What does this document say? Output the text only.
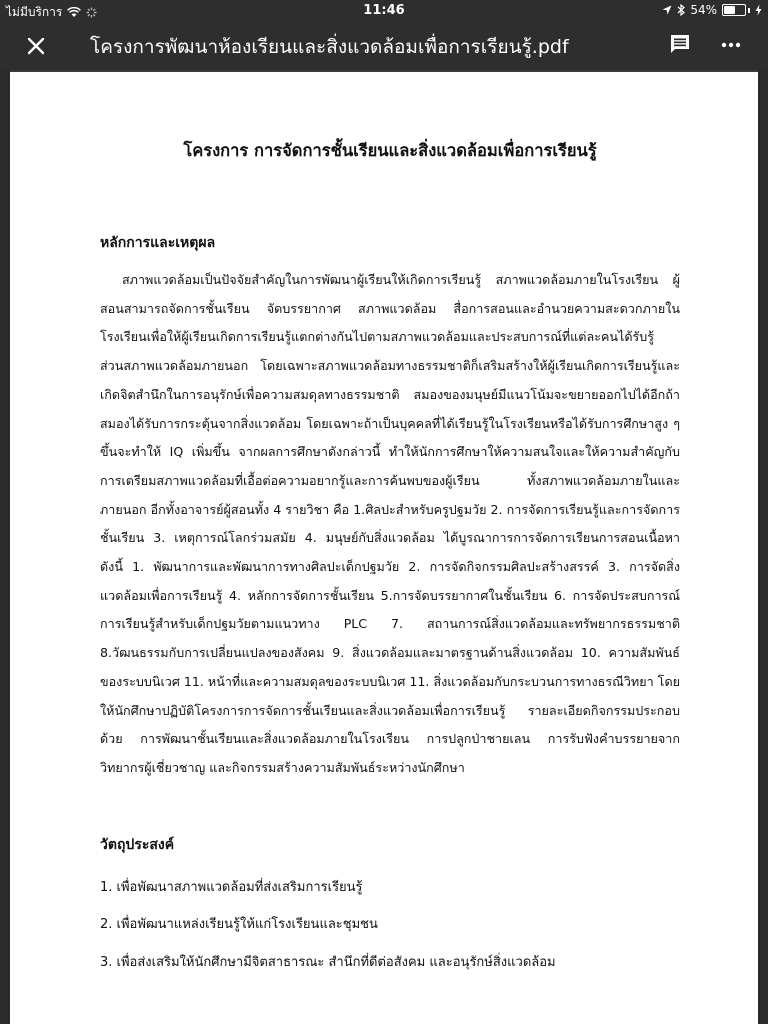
ไม่มีบริการ	11:46	54%
โครงการพัฒนาห้องเรียนและสิ่งแวดล้อมเพื่อการเรียนรู้.pdf
โครงการ การจัดการชั้นเรียนและสิ่งแวดล้อมเพื่อการเรียนรู้
หลักการและเหตุผล
สภาพแวดล้อมเป็นปัจจัยสำคัญในการพัฒนาผู้เรียนให้เกิดการเรียนรู้ สภาพแวดล้อมภายในโรงเรียน ผู้สอนสามารถจัดการชั้นเรียน จัดบรรยากาศ สภาพแวดล้อม สื่อการสอนและอำนวยความสะดวกภายในโรงเรียนเพื่อให้ผู้เรียนเกิดการเรียนรู้แตกต่างกันไปตามสภาพแวดล้อมและประสบการณ์ที่แต่ละคนได้รับรู้ ส่วนสภาพแวดล้อมภายนอก โดยเฉพาะสภาพแวดล้อมทางธรรมชาติก็เสริมสร้างให้ผู้เรียนเกิดการเรียนรู้และเกิดจิตสำนึกในการอนุรักษ์เพื่อความสมดุลทางธรรมชาติ สมองของมนุษย์มีแนวโน้มจะขยายออกไปได้อีกถ้าสมองได้รับการกระตุ้นจากสิ่งแวดล้อม โดยเฉพาะถ้าเป็นบุคคลที่ได้เรียนรู้ในโรงเรียนหรือได้รับการศึกษาสูง ๆ ขึ้นจะทำให้ IQ เพิ่มขึ้น จากผลการศึกษาดังกล่าวนี้ ทำให้นักการศึกษาให้ความสนใจและให้ความสำคัญกับการเตรียมสภาพแวดล้อมที่เอื้อต่อความอยากรู้และการค้นพบของผู้เรียน ทั้งสภาพแวดล้อมภายในและภายนอก อีกทั้งอาจารย์ผู้สอนทั้ง 4 รายวิชา คือ 1.ศิลปะสำหรับครูปฐมวัย 2. การจัดการเรียนรู้และการจัดการชั้นเรียน 3. เหตุการณ์โลกร่วมสมัย 4. มนุษย์กับสิ่งแวดล้อม ได้บูรณาการการจัดการเรียนการสอนเนื้อหา ดังนี้ 1. พัฒนาการและพัฒนาการทางศิลปะเด็กปฐมวัย 2. การจัดกิจกรรมศิลปะสร้างสรรค์ 3. การจัดสิ่งแวดล้อมเพื่อการเรียนรู้ 4. หลักการจัดการชั้นเรียน 5.การจัดบรรยากาศในชั้นเรียน 6. การจัดประสบการณ์การเรียนรู้สำหรับเด็กปฐมวัยตามแนวทาง PLC 7. สถานการณ์สิ่งแวดล้อมและทรัพยากรธรรมชาติ 8.วัฒนธรรมกับการเปลี่ยนแปลงของสังคม 9. สิ่งแวดล้อมและมาตรฐานด้านสิ่งแวดล้อม 10. ความสัมพันธ์ของระบบนิเวศ 11. หน้าที่และความสมดุลของระบบนิเวศ 11. สิ่งแวดล้อมกับกระบวนการทางธรณีวิทยา โดยให้นักศึกษาปฏิบัติโครงการการจัดการชั้นเรียนและสิ่งแวดล้อมเพื่อการเรียนรู้ รายละเอียดกิจกรรมประกอบด้วย การพัฒนาชั้นเรียนและสิ่งแวดล้อมภายในโรงเรียน การปลูกป่าชายเลน การรับฟังคำบรรยายจากวิทยากรผู้เชี่ยวชาญ และกิจกรรมสร้างความสัมพันธ์ระหว่างนักศึกษา
วัตถุประสงค์
1. เพื่อพัฒนาสภาพแวดล้อมที่ส่งเสริมการเรียนรู้
2. เพื่อพัฒนาแหล่งเรียนรู้ให้แก่โรงเรียนและชุมชน
3. เพื่อส่งเสริมให้นักศึกษามีจิตสาธารณะ สำนึกที่ดีต่อสังคม และอนุรักษ์สิ่งแวดล้อม
